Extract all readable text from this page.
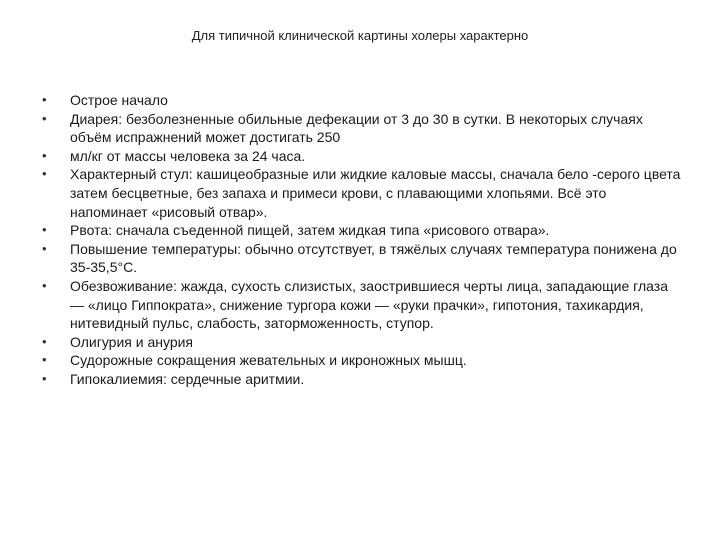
Для типичной клинической картины холеры характерно
•	Острое начало
•	Диарея: безболезненные обильные дефекации от 3 до 30 в сутки. В некоторых случаях объём испражнений может достигать 250
•	мл/кг от массы человека за 24 часа.
•	Характерный стул: кашицеобразные или жидкие каловые массы, сначала бело -серого цвета затем бесцветные, без запаха и примеси крови, с плавающими хлопьями. Всё это напоминает «рисовый отвар».
•	Рвота: сначала съеденной пищей, затем жидкая типа «рисового отвара».
•	Повышение температуры: обычно отсутствует, в тяжёлых случаях температура понижена до 35-35,5°С.
•	Обезвоживание: жажда, сухость слизистых, заострившиеся черты лица, западающие глаза — «лицо Гиппократа», снижение тургора кожи — «руки прачки», гипотония, тахикардия, нитевидный пульс, слабость, заторможенность, ступор.
•	Олигурия и анурия
•	Судорожные сокращения жевательных и икроножных мышц.
•	Гипокалиемия: сердечные аритмии.
